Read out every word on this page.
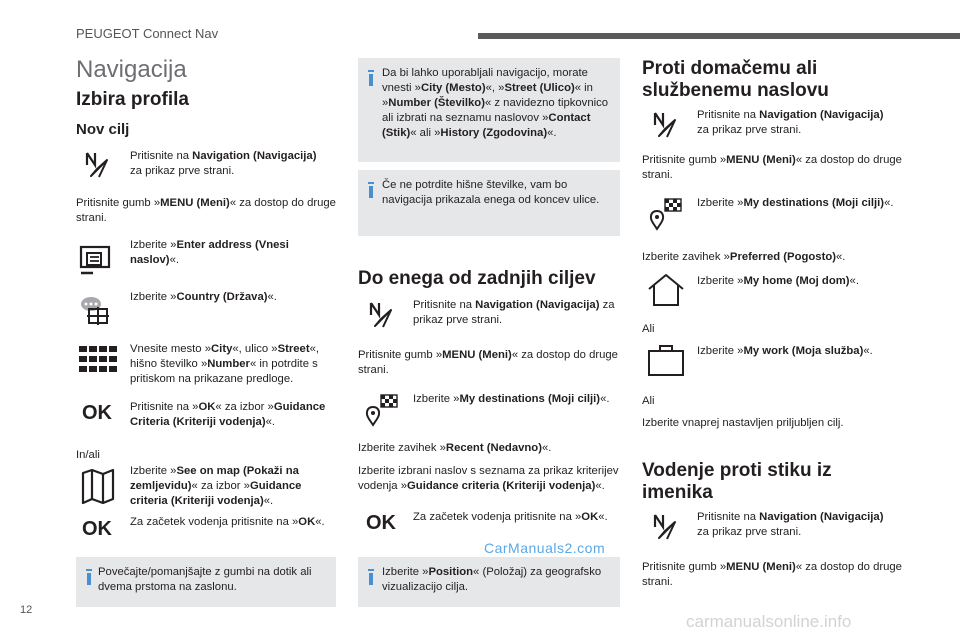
PEUGEOT Connect Nav
Navigacija
Izbira profila
Nov cilj
Pritisnite na Navigation (Navigacija) za prikaz prve strani.
Pritisnite gumb »MENU (Meni)« za dostop do druge strani.
Izberite »Enter address (Vnesi naslov)«.
Izberite »Country (Država)«.
Vnesite mesto »City«, ulico »Street«, hišno številko »Number« in potrdite s pritiskom na prikazane predloge.
OK Pritisnite na »OK« za izbor »Guidance Criteria (Kriteriji vodenja)«.
In/ali
Izberite »See on map (Pokaži na zemljevidu)« za izbor »Guidance criteria (Kriteriji vodenja)«.
OK Za začetek vodenja pritisnite na »OK«.
Povečajte/pomanjšajte z gumbi na dotik ali dvema prstoma na zaslonu.
Da bi lahko uporabljali navigacijo, morate vnesti »City (Mesto)«, »Street (Ulico)« in »Number (Številko)« z navidezno tipkovnico ali izbrati na seznamu naslovov »Contact (Stik)« ali »History (Zgodovina)«.
Če ne potrdite hišne številke, vam bo navigacija prikazala enega od koncev ulice.
Do enega od zadnjih ciljev
Pritisnite na Navigation (Navigacija) za prikaz prve strani.
Pritisnite gumb »MENU (Meni)« za dostop do druge strani.
Izberite »My destinations (Moji cilji)«.
Izberite zavihek »Recent (Nedavno)«.
Izberite izbrani naslov s seznama za prikaz kriterijev vodenja »Guidance criteria (Kriteriji vodenja)«.
OK Za začetek vodenja pritisnite na »OK«.
Izberite »Position« (Položaj) za geografsko vizualizacijo cilja.
CarManuals2.com
Proti domačemu ali službenemu naslovu
Pritisnite na Navigation (Navigacija) za prikaz prve strani.
Pritisnite gumb »MENU (Meni)« za dostop do druge strani.
Izberite »My destinations (Moji cilji)«.
Izberite zavihek »Preferred (Pogosto)«.
Izberite »My home (Moj dom)«.
Ali
Izberite »My work (Moja služba)«.
Ali
Izberite vnaprej nastavljen priljubljen cilj.
Vodenje proti stiku iz imenika
Pritisnite na Navigation (Navigacija) za prikaz prve strani.
Pritisnite gumb »MENU (Meni)« za dostop do druge strani.
12
carmanualsonline.info
